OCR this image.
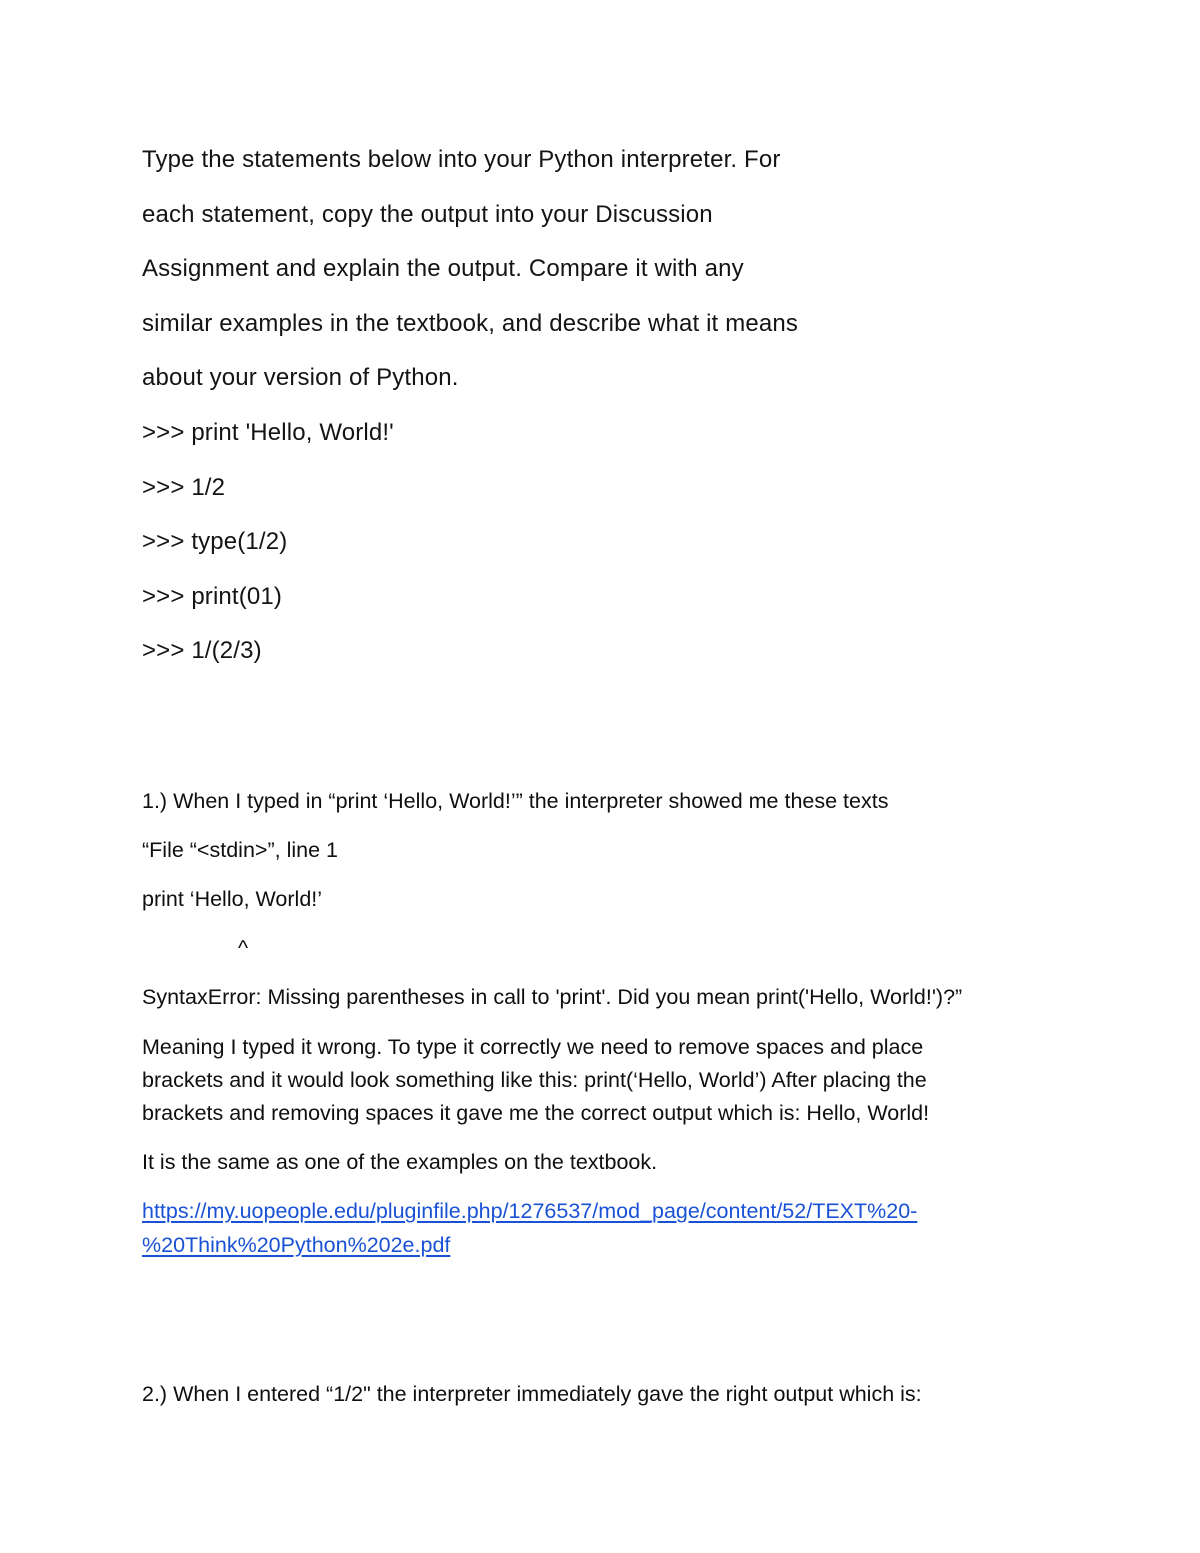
Type the statements below into your Python interpreter. For

each statement, copy the output into your Discussion

Assignment and explain the output. Compare it with any

similar examples in the textbook, and describe what it means

about your version of Python.

>>> print 'Hello, World!'

>>> 1/2

>>> type(1/2)

>>> print(01)

>>> 1/(2/3)

1.) When I typed in “print ‘Hello, World!’” the interpreter showed me these texts

“File “<stdin>”, line 1

print ‘Hello, World!’

^

SyntaxError: Missing parentheses in call to 'print'. Did you mean print('Hello, World!')?”

Meaning I typed it wrong. To type it correctly we need to remove spaces and place

brackets and it would look something like this: print(‘Hello, World’) After placing the

brackets and removing spaces it gave me the correct output which is: Hello, World!

It is the same as one of the examples on the textbook.

https://my.uopeople.edu/pluginfile.php/1276537/mod_page/content/52/TEXT%20-

%20Think%20Python%202e.pdf

2.) When I entered “1/2" the interpreter immediately gave the right output which is:
